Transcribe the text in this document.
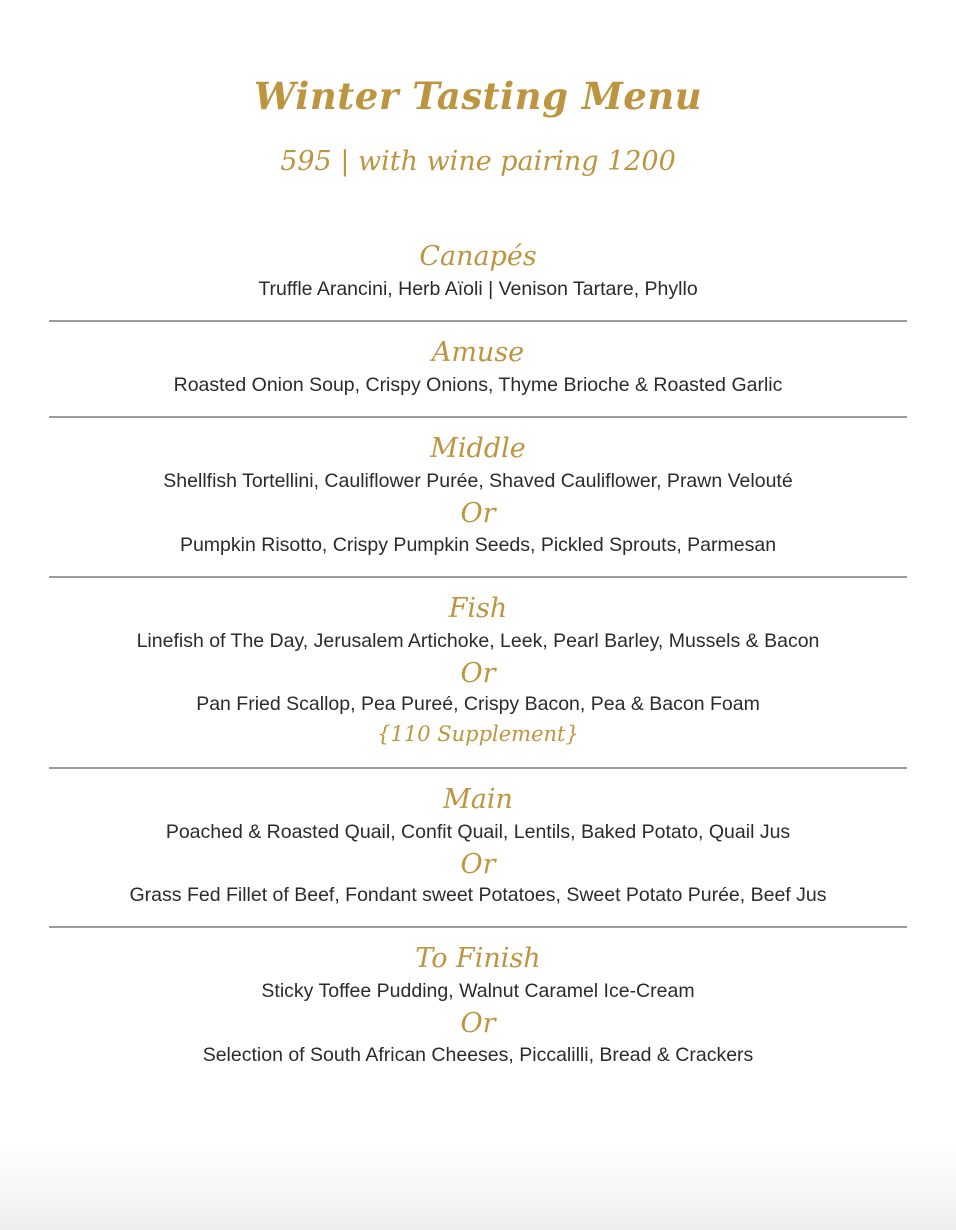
Winter Tasting Menu

595 | with wine pairing 1200

Canapés

Truffle Arancini, Herb Aïoli | Venison Tartare, Phyllo

Amuse

Roasted Onion Soup, Crispy Onions, Thyme Brioche & Roasted Garlic

Middle

Shellfish Tortellini, Cauliflower Purée, Shaved Cauliflower, Prawn Velouté

Or

Pumpkin Risotto, Crispy Pumpkin Seeds, Pickled Sprouts, Parmesan

Fish

Linefish of The Day, Jerusalem Artichoke, Leek, Pearl Barley, Mussels & Bacon

Or

Pan Fried Scallop, Pea Pureé, Crispy Bacon, Pea & Bacon Foam

{110 Supplement}

Main

Poached & Roasted Quail, Confit Quail, Lentils, Baked Potato, Quail Jus

Or

Grass Fed Fillet of Beef, Fondant sweet Potatoes, Sweet Potato Purée, Beef Jus

To Finish

Sticky Toffee Pudding, Walnut Caramel Ice-Cream

Or

Selection of South African Cheeses, Piccalilli, Bread & Crackers
